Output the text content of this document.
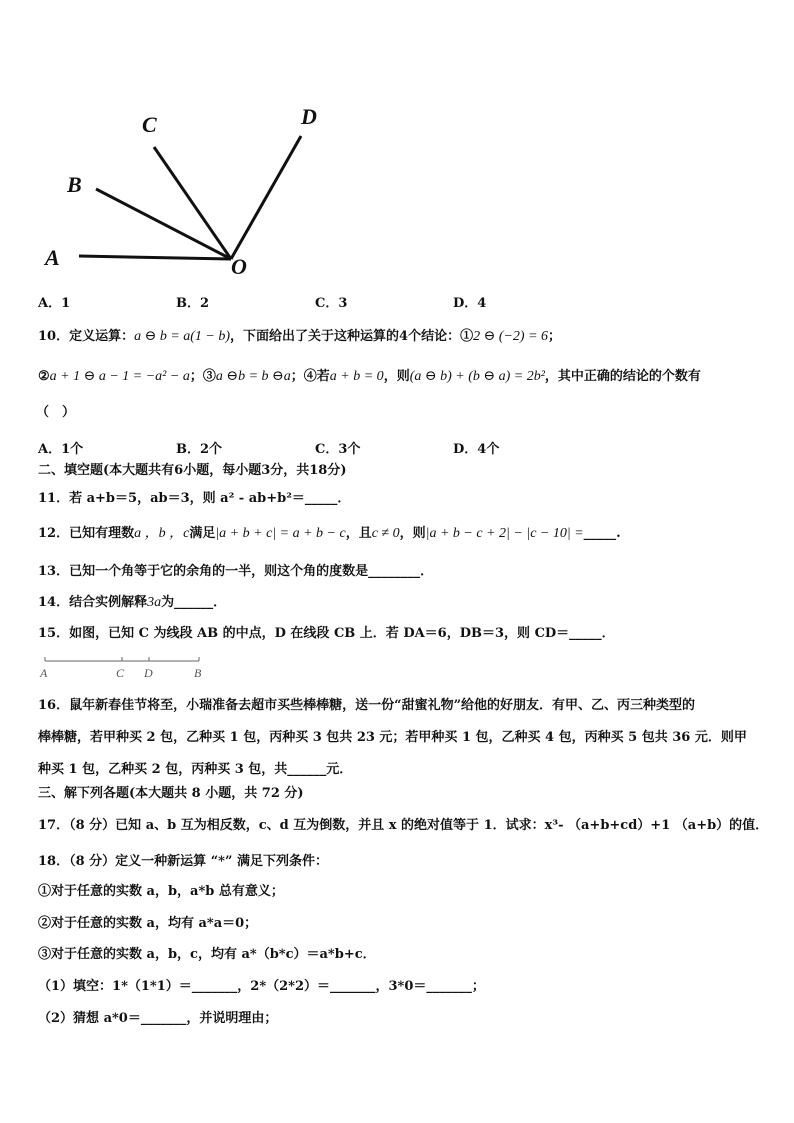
A
B
C	D
O
A．1	B．2	C．3	D．4
10．定义运算：a ⊖ b = a(1 − b)，下面给出了关于这种运算的4个结论：①2 ⊖ (−2) = 6；
②a + 1 ⊖ a − 1 = −a² − a；③a ⊖b = b ⊖a；④若a + b = 0，则(a ⊖ b) + (b ⊖ a) = 2b²，其中正确的结论的个数有
（　）
A．1个	B．2个	C．3个	D．4个
二、填空题(本大题共有6小题，每小题3分，共18分)
11．若 a+b＝5，ab＝3，则 a² - ab+b²＝_____．
12．已知有理数a ，b ，c满足|a + b + c| = a + b − c，且c ≠ 0，则|a + b − c + 2| − |c − 10| =_____.
13．已知一个角等于它的余角的一半，则这个角的度数是________．
14．结合实例解释3a为______．
15．如图，已知 C 为线段 AB 的中点，D 在线段 CB 上．若 DA＝6，DB＝3，则 CD＝_____．
A	C D	B
16．鼠年新春佳节将至，小瑞准备去超市买些棒棒糖，送一份“甜蜜礼物”给他的好朋友．有甲、乙、丙三种类型的
棒棒糖，若甲种买 2 包，乙种买 1 包，丙种买 3 包共 23 元；若甲种买 1 包，乙种买 4 包，丙种买 5 包共 36 元．则甲
种买 1 包，乙种买 2 包，丙种买 3 包，共______元．
三、解下列各题(本大题共 8 小题，共 72 分)
17．（8 分）已知 a、b 互为相反数，c、d 互为倒数，并且 x 的绝对值等于 1．试求：x³- （a+b+cd）+1 （a+b）的值．
18．（8 分）定义一种新运算 “*” 满足下列条件：
①对于任意的实数 a，b，a*b 总有意义；
②对于任意的实数 a，均有 a*a＝0；
③对于任意的实数 a，b，c，均有 a*（b*c）＝a*b+c．
（1）填空：1*（1*1）＝_______，2*（2*2）＝_______，3*0＝_______；
（2）猜想 a*0＝_______，并说明理由；
